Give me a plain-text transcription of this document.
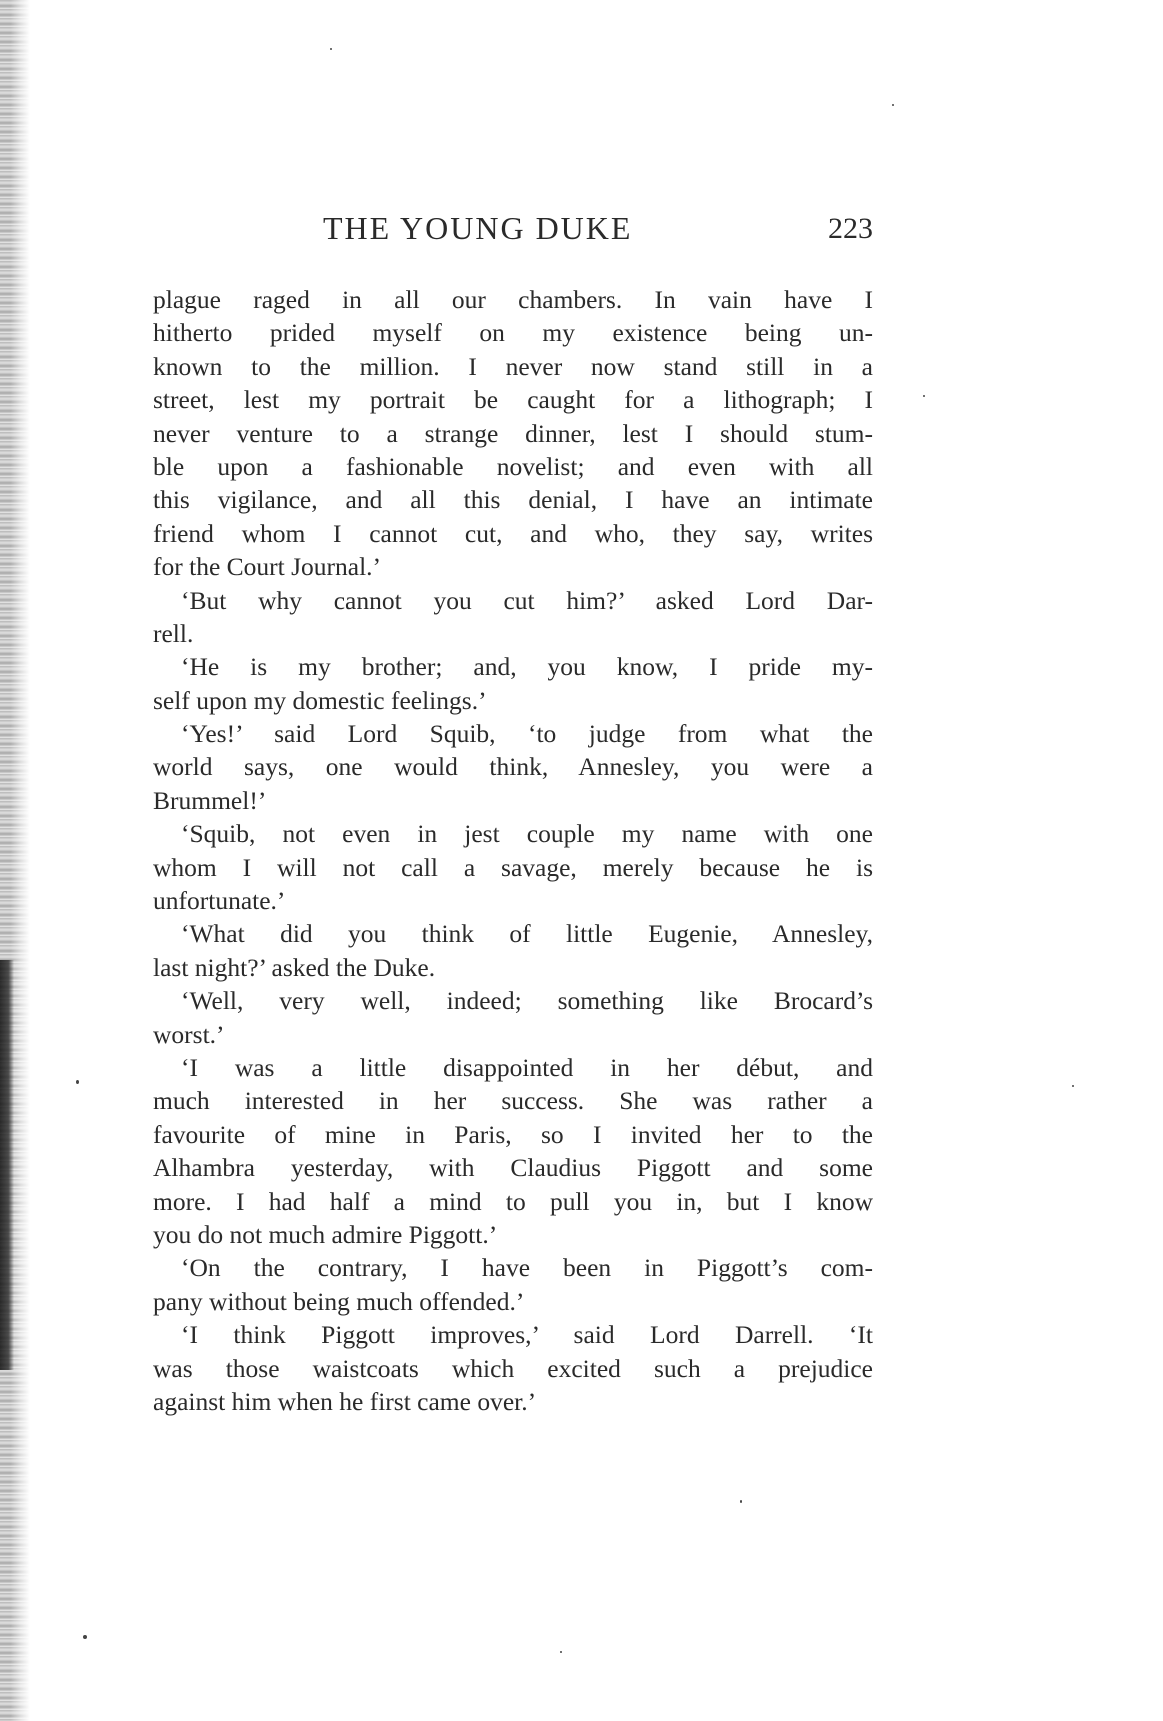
THE YOUNG DUKE	223
plague raged in all our chambers. In vain have I
hitherto prided myself on my existence being un-
known to the million. I never now stand still in a
street, lest my portrait be caught for a lithograph; I
never venture to a strange dinner, lest I should stum-
ble upon a fashionable novelist; and even with all
this vigilance, and all this denial, I have an intimate
friend whom I cannot cut, and who, they say, writes
for the Court Journal.’
‘But why cannot you cut him?’ asked Lord Dar-
rell.
‘He is my brother; and, you know, I pride my-
self upon my domestic feelings.’
‘Yes!’ said Lord Squib, ‘to judge from what the
world says, one would think, Annesley, you were a
Brummel!’
‘Squib, not even in jest couple my name with one
whom I will not call a savage, merely because he is
unfortunate.’
‘What did you think of little Eugenie, Annesley,
last night?’ asked the Duke.
‘Well, very well, indeed; something like Brocard’s
worst.’
‘I was a little disappointed in her début, and
much interested in her success. She was rather a
favourite of mine in Paris, so I invited her to the
Alhambra yesterday, with Claudius Piggott and some
more. I had half a mind to pull you in, but I know
you do not much admire Piggott.’
‘On the contrary, I have been in Piggott’s com-
pany without being much offended.’
‘I think Piggott improves,’ said Lord Darrell. ‘It
was those waistcoats which excited such a prejudice
against him when he first came over.’
